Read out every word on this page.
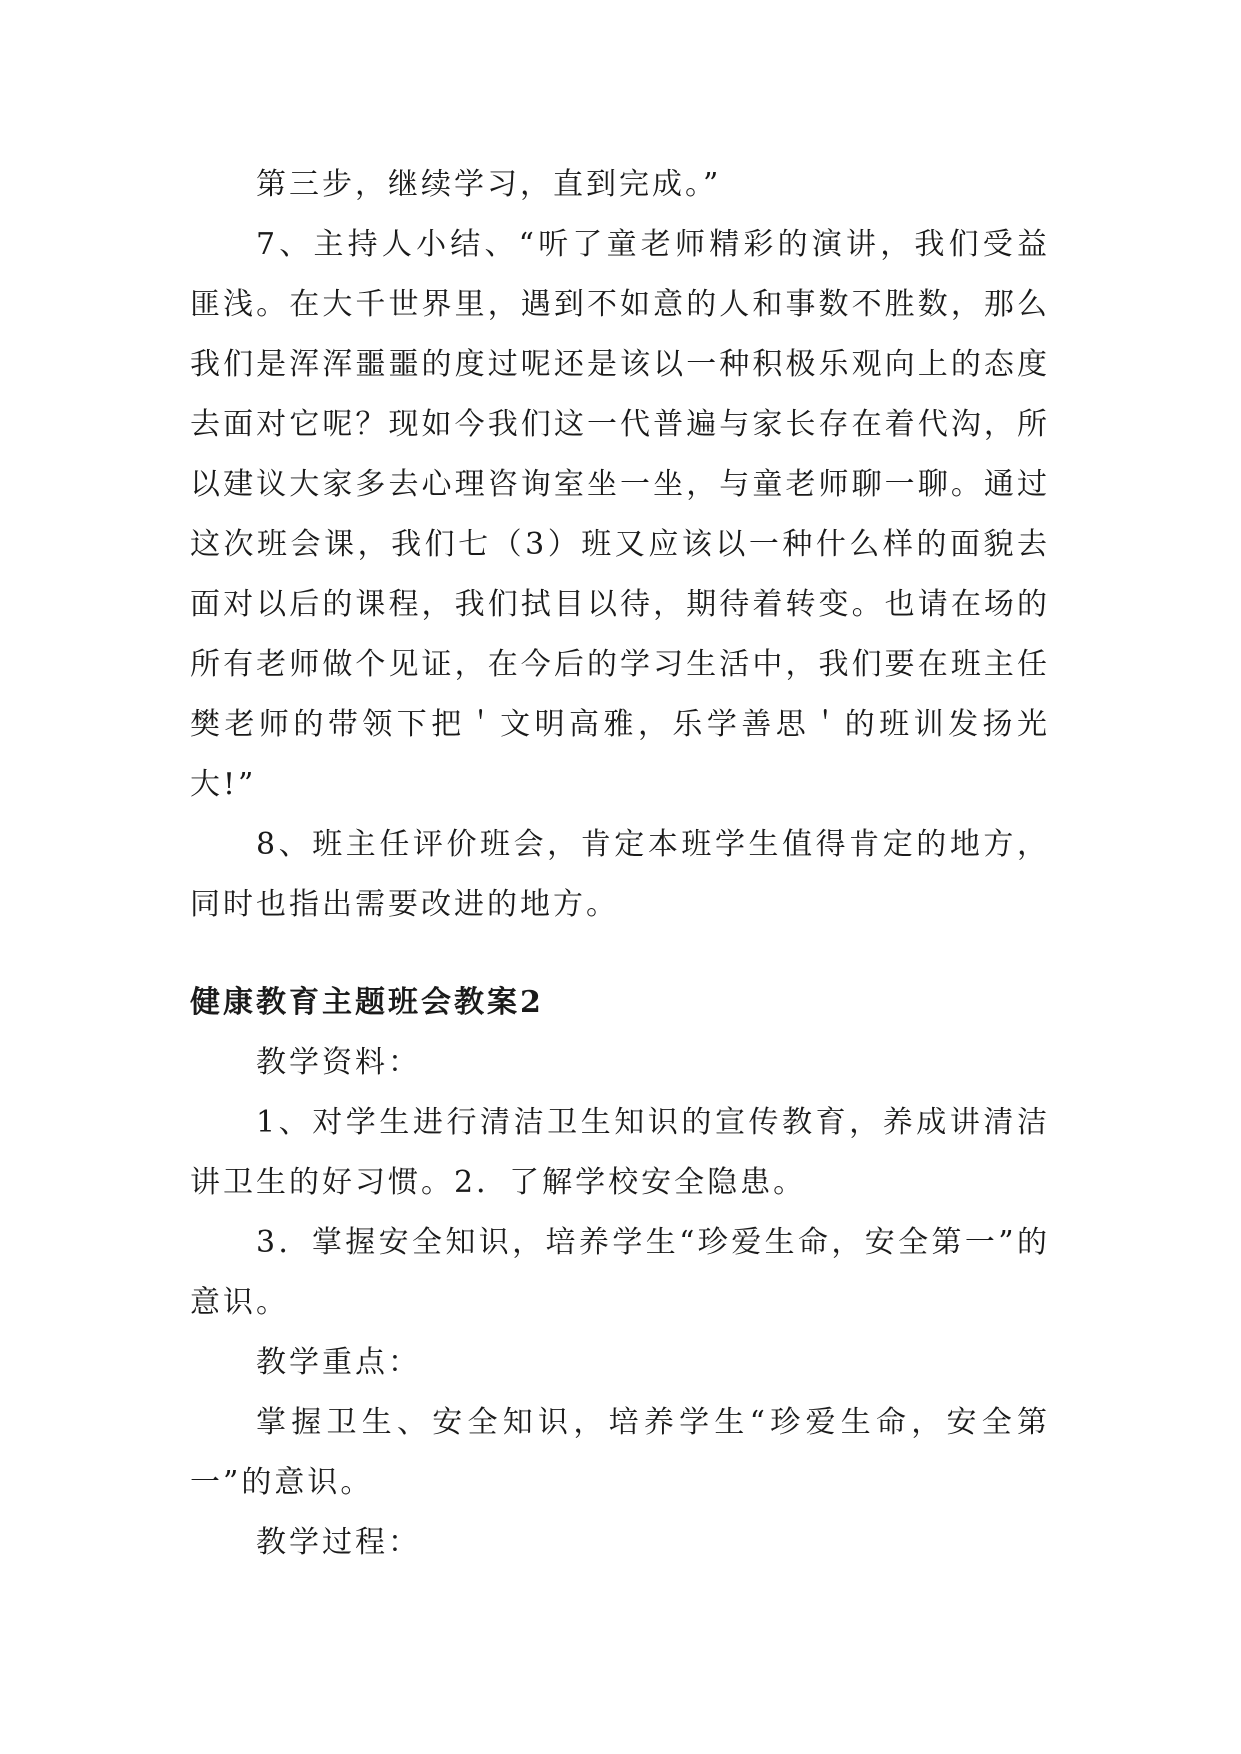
第三步，继续学习，直到完成。”

7、主持人小结、“听了童老师精彩的演讲，我们受益匪浅。在大千世界里，遇到不如意的人和事数不胜数，那么我们是浑浑噩噩的度过呢还是该以一种积极乐观向上的态度去面对它呢？现如今我们这一代普遍与家长存在着代沟，所以建议大家多去心理咨询室坐一坐，与童老师聊一聊。通过这次班会课，我们七（3）班又应该以一种什么样的面貌去面对以后的课程，我们拭目以待，期待着转变。也请在场的所有老师做个见证，在今后的学习生活中，我们要在班主任樊老师的带领下把＇文明高雅，乐学善思＇的班训发扬光大!”

8、班主任评价班会，肯定本班学生值得肯定的地方，同时也指出需要改进的地方。

健康教育主题班会教案2

教学资料：

1、对学生进行清洁卫生知识的宣传教育，养成讲清洁讲卫生的好习惯。2．了解学校安全隐患。

3．掌握安全知识，培养学生“珍爱生命，安全第一”的意识。

教学重点：

掌握卫生、安全知识，培养学生“珍爱生命，安全第一”的意识。

教学过程：
